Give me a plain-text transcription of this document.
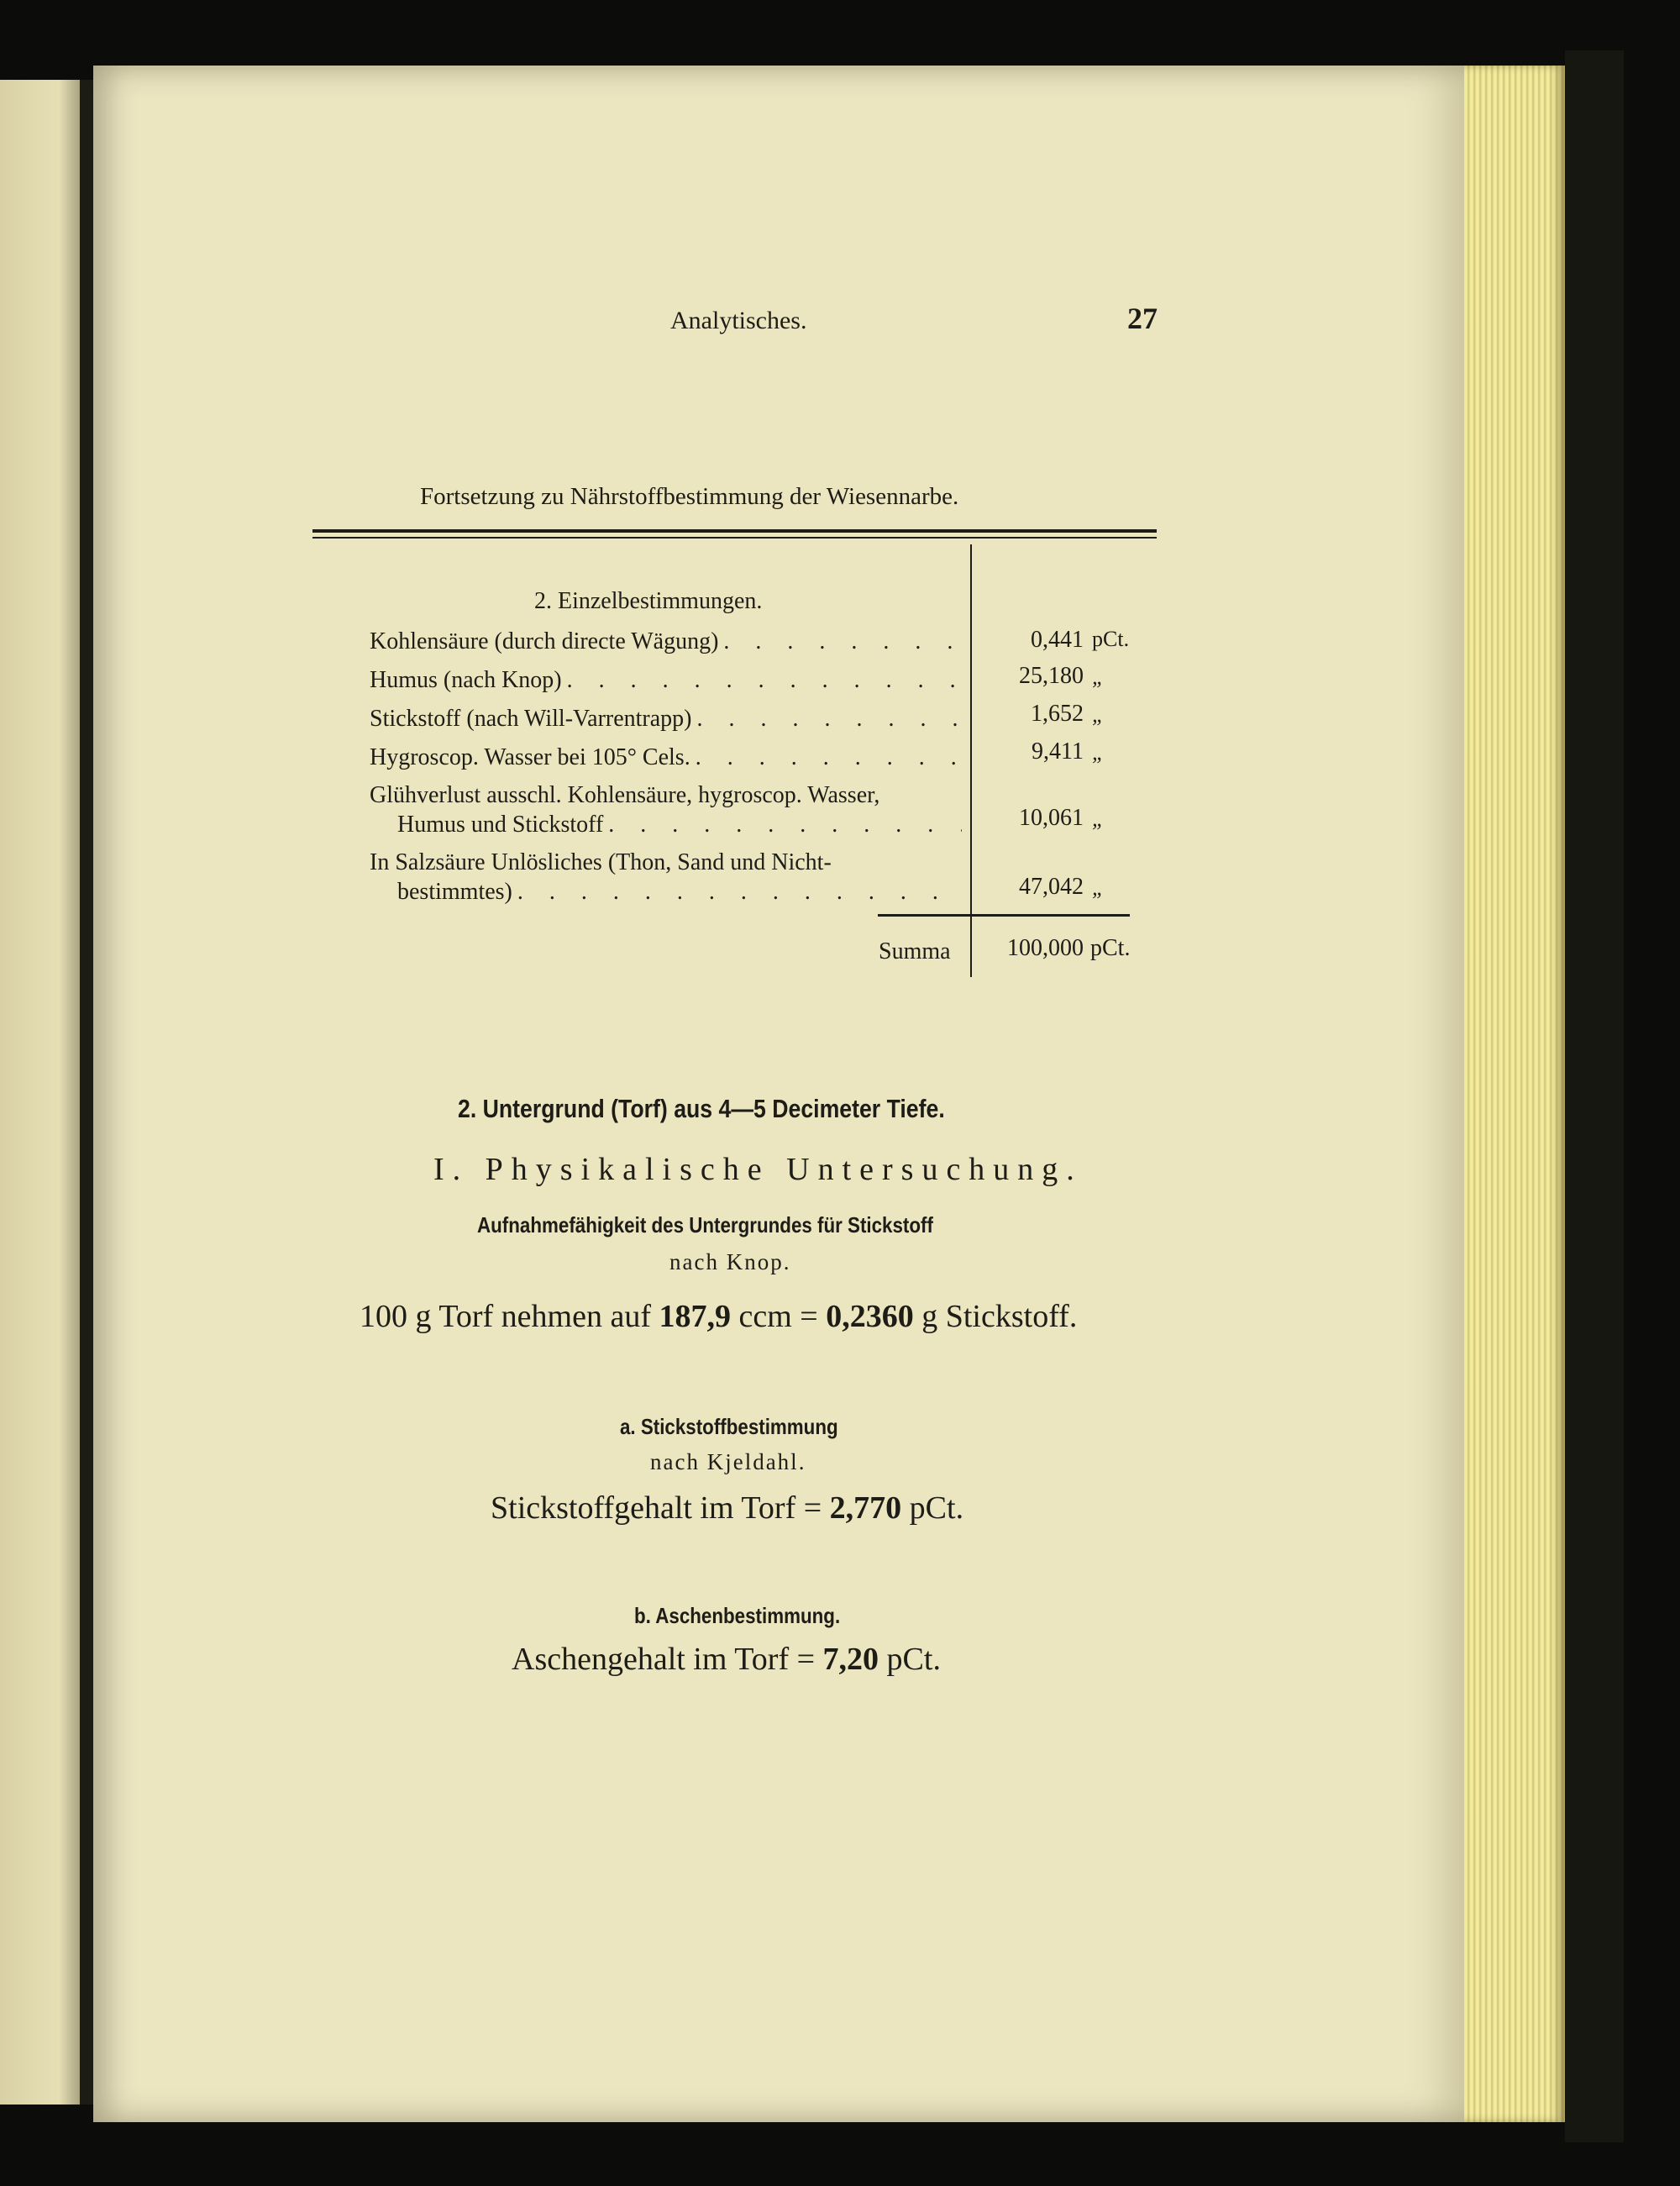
Analytisches.	27
Fortsetzung zu Nährstoffbestimmung der Wiesennarbe.
2. Einzelbestimmungen.
Kohlensäure (durch directe Wägung) . . .	0,441 pCt.
Humus (nach Knop) . . .	25,180 „
Stickstoff (nach Will-Varrentrapp) . . .	1,652 „
Hygroscop. Wasser bei 105° Cels. . . .	9,411 „
Glühverlust ausschl. Kohlensäure, hygroscop. Wasser,
Humus und Stickstoff . . .	10,061 „
In Salzsäure Unlösliches (Thon, Sand und Nicht-
bestimmtes) . . .	47,042 „
Summa	100,000 pCt.
2. Untergrund (Torf) aus 4—5 Decimeter Tiefe.
I. Physikalische Untersuchung.
Aufnahmefähigkeit des Untergrundes für Stickstoff
nach Knop.
100 g Torf nehmen auf 187,9 ccm = 0,2360 g Stickstoff.
a. Stickstoffbestimmung
nach Kjeldahl.
Stickstoffgehalt im Torf = 2,770 pCt.
b. Aschenbestimmung.
Aschengehalt im Torf = 7,20 pCt.
